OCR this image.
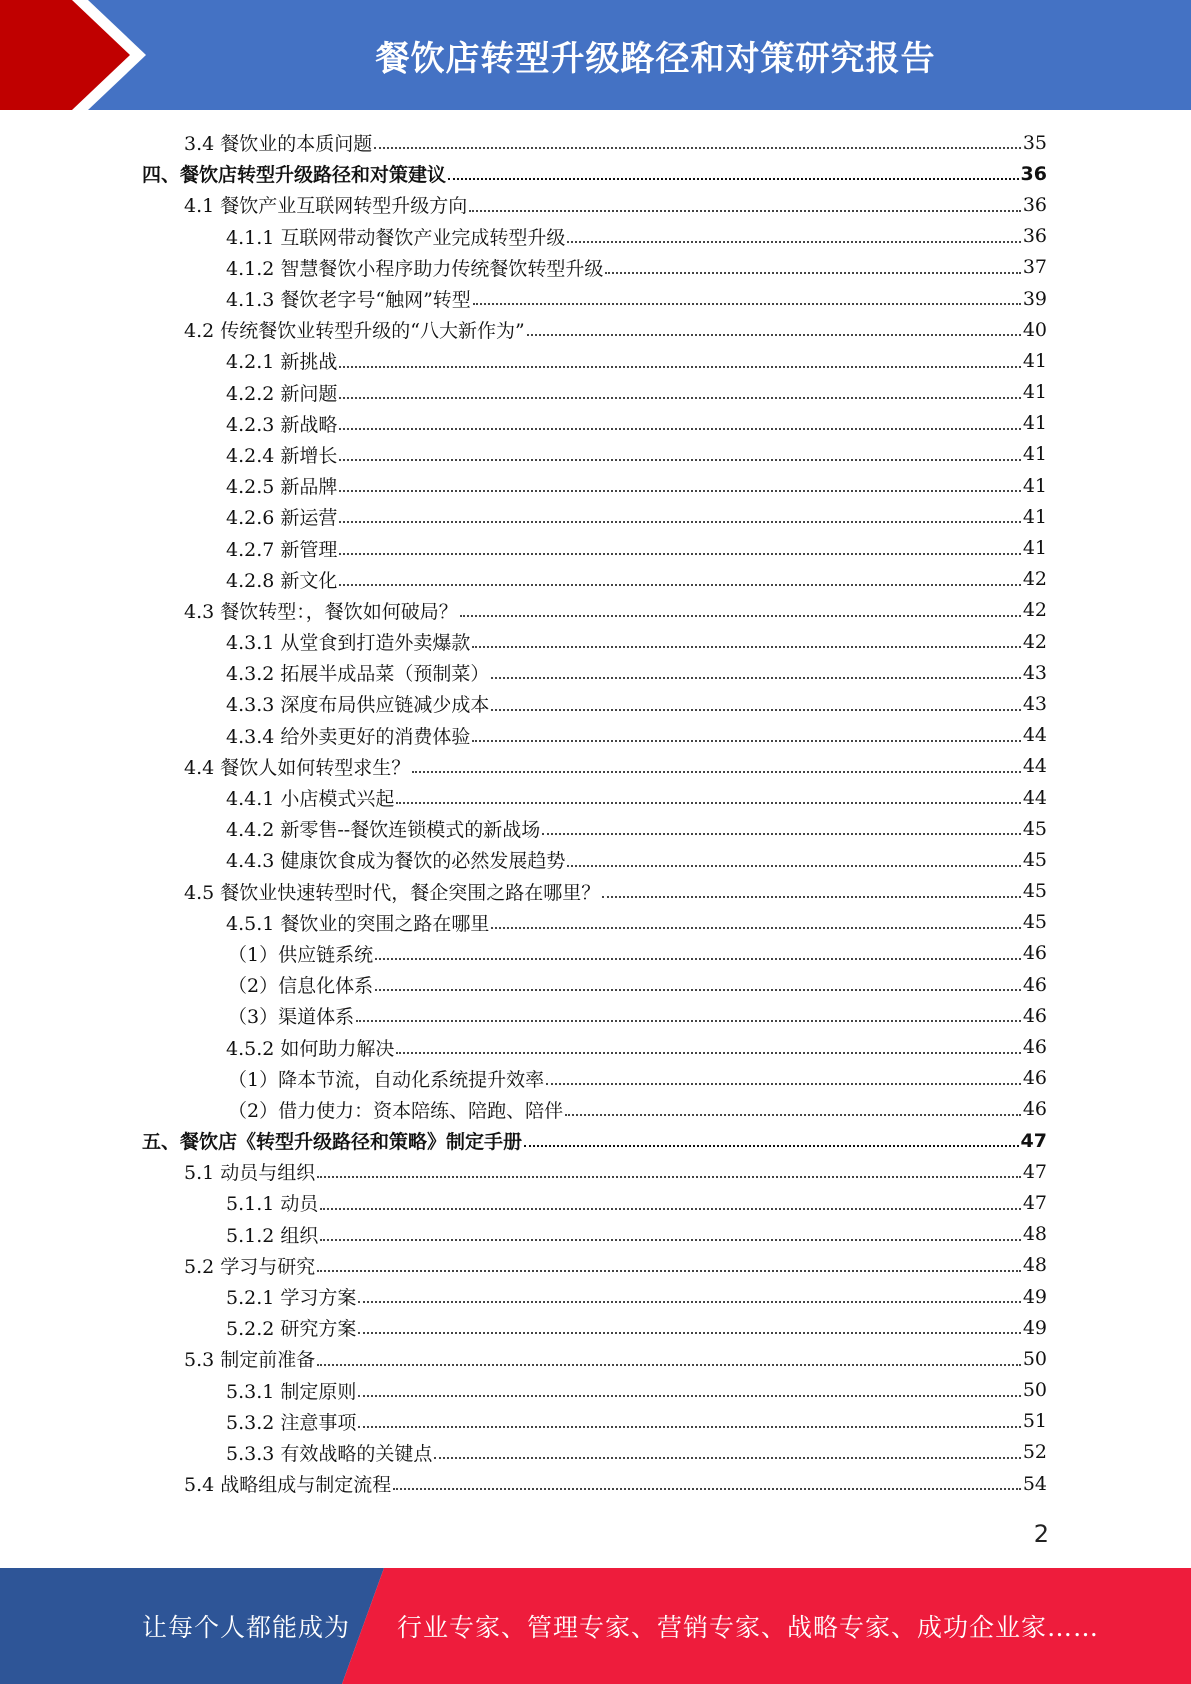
餐饮店转型升级路径和对策研究报告
3.4 餐饮业的本质问题	35
四、餐饮店转型升级路径和对策建议	36
4.1 餐饮产业互联网转型升级方向	36
4.1.1 互联网带动餐饮产业完成转型升级	36
4.1.2 智慧餐饮小程序助力传统餐饮转型升级	37
4.1.3 餐饮老字号“触网”转型	39
4.2 传统餐饮业转型升级的“八大新作为”	40
4.2.1 新挑战	41
4.2.2 新问题	41
4.2.3 新战略	41
4.2.4 新增长	41
4.2.5 新品牌	41
4.2.6 新运营	41
4.2.7 新管理	41
4.2.8 新文化	42
4.3 餐饮转型：，餐饮如何破局？	42
4.3.1 从堂食到打造外卖爆款	42
4.3.2 拓展半成品菜（预制菜）	43
4.3.3 深度布局供应链减少成本	43
4.3.4 给外卖更好的消费体验	44
4.4 餐饮人如何转型求生？	44
4.4.1 小店模式兴起	44
4.4.2 新零售--餐饮连锁模式的新战场	45
4.4.3 健康饮食成为餐饮的必然发展趋势	45
4.5 餐饮业快速转型时代，餐企突围之路在哪里？	45
4.5.1 餐饮业的突围之路在哪里	45
（1）供应链系统	46
（2）信息化体系	46
（3）渠道体系	46
4.5.2 如何助力解决	46
（1）降本节流，自动化系统提升效率	46
（2）借力使力：资本陪练、陪跑、陪伴	46
五、餐饮店《转型升级路径和策略》制定手册	47
5.1 动员与组织	47
5.1.1 动员	47
5.1.2 组织	48
5.2 学习与研究	48
5.2.1 学习方案	49
5.2.2 研究方案	49
5.3 制定前准备	50
5.3.1 制定原则	50
5.3.2 注意事项	51
5.3.3 有效战略的关键点	52
5.4 战略组成与制定流程	54
2
让每个人都能成为 行业专家、管理专家、营销专家、战略专家、成功企业家……
